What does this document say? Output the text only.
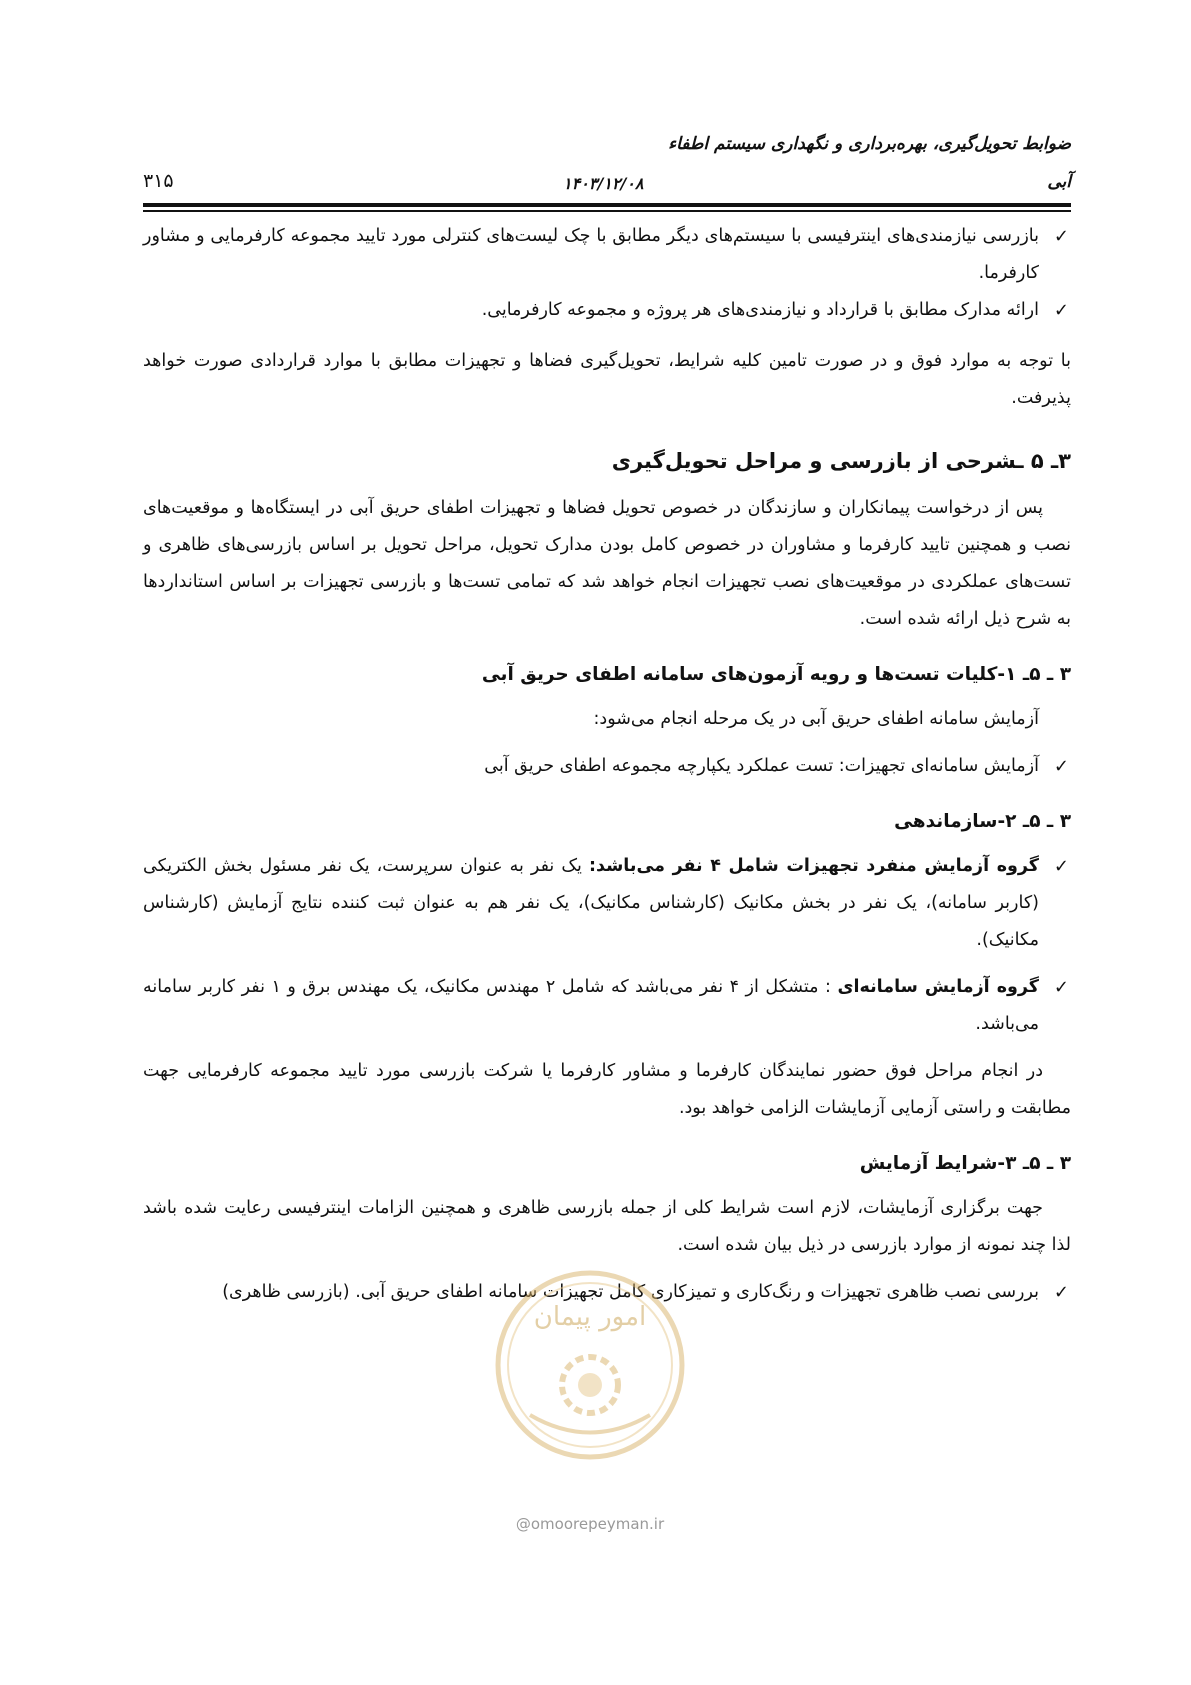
ضوابط تحویل‌گیری، بهره‌برداری و نگهداری سیستم اطفاء
آبی
۱۴۰۳/۱۲/۰۸
۳۱۵

✓ بازرسی نیازمندی‌های اینترفیسی با سیستم‌های دیگر مطابق با چک لیست‌های کنترلی مورد تایید مجموعه کارفرمایی و مشاور کارفرما.

✓ ارائه مدارک مطابق با قرارداد و نیازمندی‌های هر پروژه و مجموعه کارفرمایی.

با توجه به موارد فوق و در صورت تامین کلیه شرایط، تحویل‌گیری فضاها و تجهیزات مطابق با موارد قراردادی صورت خواهد پذیرفت.

۳ـ ۵ ـشرحی از بازرسی و مراحل تحویل‌گیری

پس از درخواست پیمانکاران و سازندگان در خصوص تحویل فضاها و تجهیزات اطفای حریق آبی در ایستگاه‌ها و موقعیت‌های نصب و همچنین تایید کارفرما و مشاوران در خصوص کامل بودن مدارک تحویل، مراحل تحویل بر اساس بازرسی‌های ظاهری و تست‌های عملکردی در موقعیت‌های نصب تجهیزات انجام خواهد شد که تمامی تست‌ها و بازرسی تجهیزات بر اساس استانداردها به شرح ذیل ارائه شده است.

۳ ـ ۵ـ ۱-کلیات تست‌ها و رویه آزمون‌های سامانه اطفای حریق آبی

آزمایش سامانه اطفای حریق آبی در یک مرحله انجام می‌شود:

✓ آزمایش سامانه‌ای تجهیزات: تست عملکرد یکپارچه مجموعه اطفای حریق آبی

۳ ـ ۵ـ ۲-سازماندهی

✓ گروه آزمایش منفرد تجهیزات شامل ۴ نفر می‌باشد: یک نفر به عنوان سرپرست، یک نفر مسئول بخش الکتریکی (کاربر سامانه)، یک نفر در بخش مکانیک (کارشناس مکانیک)، یک نفر هم به عنوان ثبت کننده نتایج آزمایش (کارشناس مکانیک).

✓ گروه آزمایش سامانه‌ای : متشکل از ۴ نفر می‌باشد که شامل ۲ مهندس مکانیک، یک مهندس برق و ۱ نفر کاربر سامانه می‌باشد.

در انجام مراحل فوق حضور نمایندگان کارفرما و مشاور کارفرما یا شرکت بازرسی مورد تایید مجموعه کارفرمایی جهت مطابقت و راستی آزمایی آزمایشات الزامی خواهد بود.

۳ ـ ۵ـ ۳-شرایط آزمایش

جهت برگزاری آزمایشات، لازم است شرایط کلی از جمله بازرسی ظاهری و همچنین الزامات اینترفیسی رعایت شده باشد لذا چند نمونه از موارد بازرسی در ذیل بیان شده است.

✓ بررسی نصب ظاهری تجهیزات و رنگ‌کاری و تمیزکاری کامل تجهیزات سامانه اطفای حریق آبی. (بازرسی ظاهری)

امور پیمان
@omoorepeyman.ir
